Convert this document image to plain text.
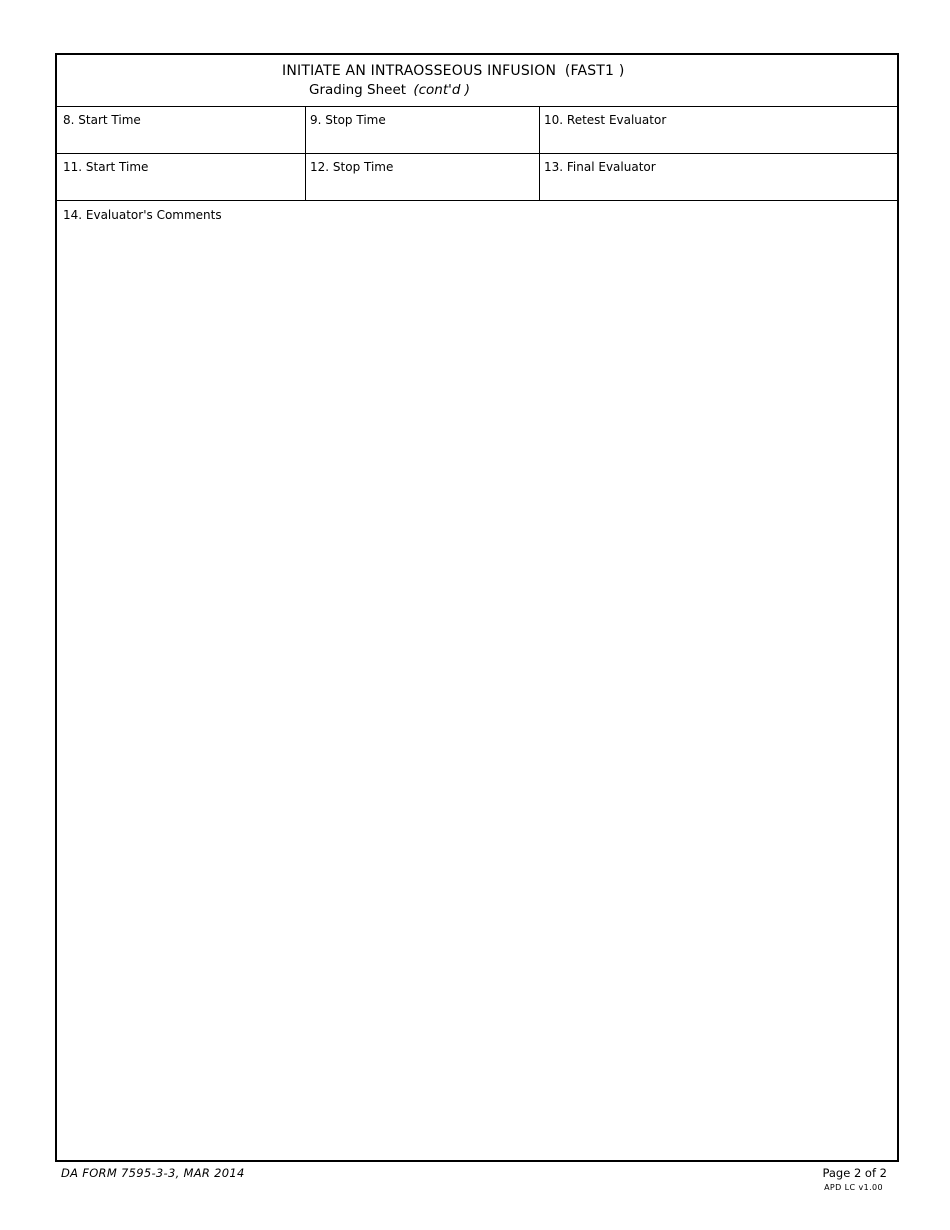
INITIATE AN INTRAOSSEOUS INFUSION (FAST1 )
Grading Sheet (cont'd )
8. Start Time	9. Stop Time	10. Retest Evaluator
11. Start Time	12. Stop Time	13. Final Evaluator
14. Evaluator's Comments
DA FORM 7595-3-3, MAR 2014	Page 2 of 2
APD LC v1.00
